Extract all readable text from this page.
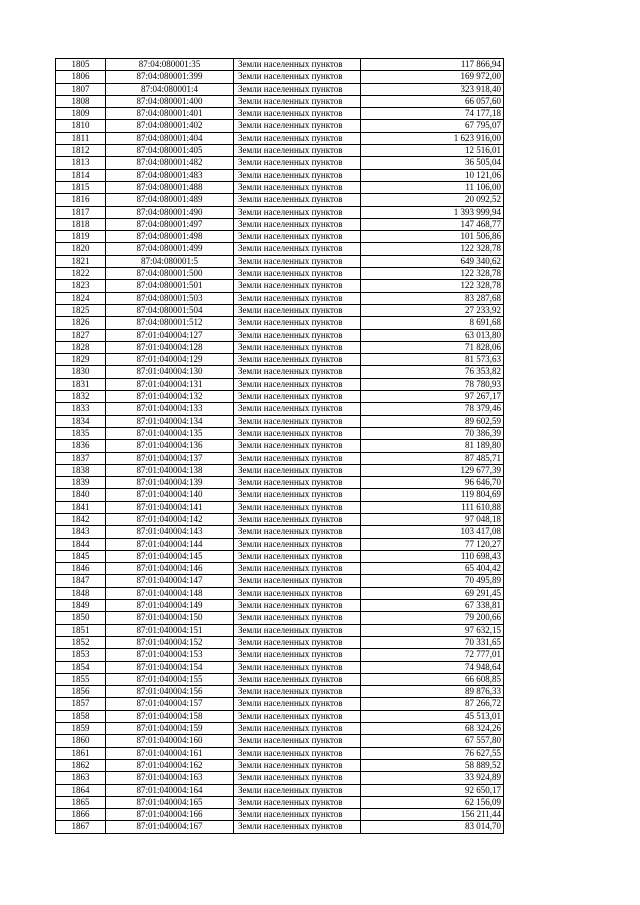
1805	87:04:080001:35	Земли населенных пунктов	117 866,94
1806	87:04:080001:399	Земли населенных пунктов	169 972,00
1807	87:04:080001:4	Земли населенных пунктов	323 918,40
1808	87:04:080001:400	Земли населенных пунктов	66 057,60
1809	87:04:080001:401	Земли населенных пунктов	74 177,18
1810	87:04:080001:402	Земли населенных пунктов	67 795,07
1811	87:04:080001:404	Земли населенных пунктов	1 623 916,00
1812	87:04:080001:405	Земли населенных пунктов	12 516,01
1813	87:04:080001:482	Земли населенных пунктов	36 505,04
1814	87:04:080001:483	Земли населенных пунктов	10 121,06
1815	87:04:080001:488	Земли населенных пунктов	11 106,00
1816	87:04:080001:489	Земли населенных пунктов	20 092,52
1817	87:04:080001:490	Земли населенных пунктов	1 393 999,94
1818	87:04:080001:497	Земли населенных пунктов	147 468,77
1819	87:04:080001:498	Земли населенных пунктов	101 506,86
1820	87:04:080001:499	Земли населенных пунктов	122 328,78
1821	87:04:080001:5	Земли населенных пунктов	649 340,62
1822	87:04:080001:500	Земли населенных пунктов	122 328,78
1823	87:04:080001:501	Земли населенных пунктов	122 328,78
1824	87:04:080001:503	Земли населенных пунктов	83 287,68
1825	87:04:080001:504	Земли населенных пунктов	27 233,92
1826	87:04:080001:512	Земли населенных пунктов	8 691,68
1827	87:01:040004:127	Земли населенных пунктов	63 013,80
1828	87:01:040004:128	Земли населенных пунктов	71 828,06
1829	87:01:040004:129	Земли населенных пунктов	81 573,63
1830	87:01:040004:130	Земли населенных пунктов	76 353,82
1831	87:01:040004:131	Земли населенных пунктов	78 780,93
1832	87:01:040004:132	Земли населенных пунктов	97 267,17
1833	87:01:040004:133	Земли населенных пунктов	78 379,46
1834	87:01:040004:134	Земли населенных пунктов	89 602,59
1835	87:01:040004:135	Земли населенных пунктов	70 386,39
1836	87:01:040004:136	Земли населенных пунктов	81 189,80
1837	87:01:040004:137	Земли населенных пунктов	87 485,71
1838	87:01:040004:138	Земли населенных пунктов	129 677,39
1839	87:01:040004:139	Земли населенных пунктов	96 646,70
1840	87:01:040004:140	Земли населенных пунктов	119 804,69
1841	87:01:040004:141	Земли населенных пунктов	111 610,88
1842	87:01:040004:142	Земли населенных пунктов	97 048,18
1843	87:01:040004:143	Земли населенных пунктов	103 417,08
1844	87:01:040004:144	Земли населенных пунктов	77 120,27
1845	87:01:040004:145	Земли населенных пунктов	110 698,43
1846	87:01:040004:146	Земли населенных пунктов	65 404,42
1847	87:01:040004:147	Земли населенных пунктов	70 495,89
1848	87:01:040004:148	Земли населенных пунктов	69 291,45
1849	87:01:040004:149	Земли населенных пунктов	67 338,81
1850	87:01:040004:150	Земли населенных пунктов	79 200,66
1851	87:01:040004:151	Земли населенных пунктов	97 632,15
1852	87:01:040004:152	Земли населенных пунктов	70 331,65
1853	87:01:040004:153	Земли населенных пунктов	72 777,01
1854	87:01:040004:154	Земли населенных пунктов	74 948,64
1855	87:01:040004:155	Земли населенных пунктов	66 608,85
1856	87:01:040004:156	Земли населенных пунктов	89 876,33
1857	87:01:040004:157	Земли населенных пунктов	87 266,72
1858	87:01:040004:158	Земли населенных пунктов	45 513,01
1859	87:01:040004:159	Земли населенных пунктов	68 324,26
1860	87:01:040004:160	Земли населенных пунктов	67 557,80
1861	87:01:040004:161	Земли населенных пунктов	76 627,55
1862	87:01:040004:162	Земли населенных пунктов	58 889,52
1863	87:01:040004:163	Земли населенных пунктов	33 924,89
1864	87:01:040004:164	Земли населенных пунктов	92 650,17
1865	87:01:040004:165	Земли населенных пунктов	62 156,09
1866	87:01:040004:166	Земли населенных пунктов	156 211,44
1867	87:01:040004:167	Земли населенных пунктов	83 014,70
